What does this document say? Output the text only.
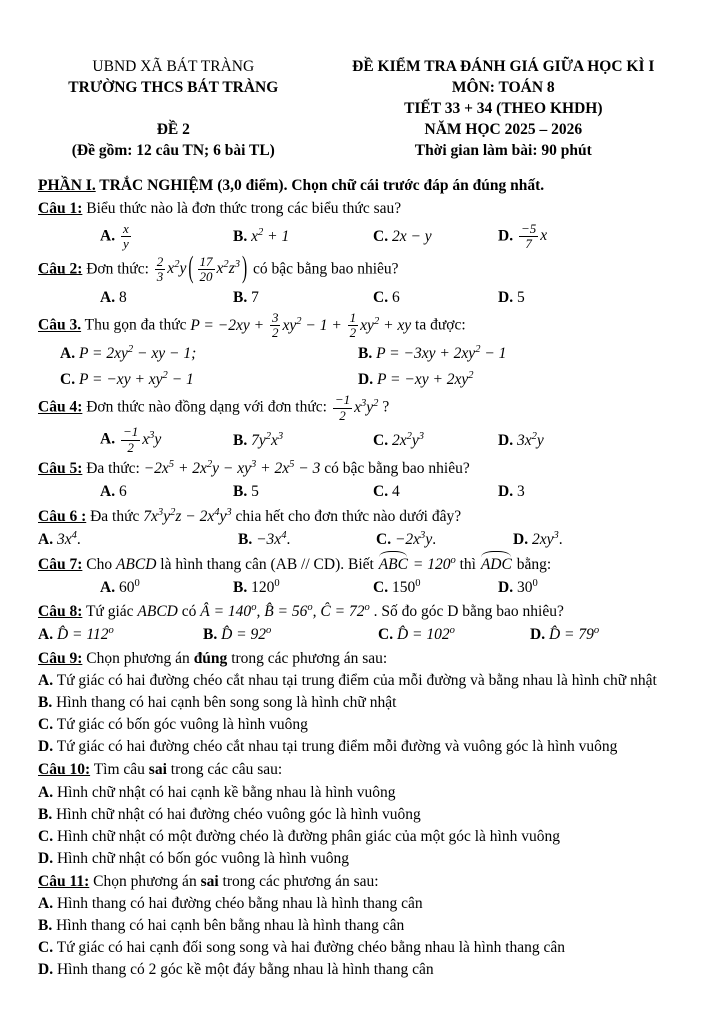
UBND XÃ BÁT TRÀNG
TRƯỜNG THCS BÁT TRÀNG
ĐỀ 2
(Đề gồm: 12 câu TN; 6 bài TL)
ĐỀ KIỂM TRA ĐÁNH GIÁ GIỮA HỌC KÌ I
MÔN: TOÁN 8
TIẾT 33 + 34 (THEO KHDH)
NĂM HỌC 2025 – 2026
Thời gian làm bài: 90 phút
PHẦN I. TRẮC NGHIỆM (3,0 điểm). Chọn chữ cái trước đáp án đúng nhất.
Câu 1: Biểu thức nào là đơn thức trong các biểu thức sau?
A. $\frac{x}{y}$	B. $x^2 + 1$	C. 2x − y	D. $\frac{-5}{7}$ x
Câu 2: Đơn thức: $\frac{2}{3} x^2y$ ( $\frac{17}{20} x^2z^3$ ) có bậc bằng bao nhiêu?
A. 8	B. 7	C. 6	D. 5
Câu 3. Thu gọn đa thức $P = -2xy + \frac{3}{2} xy^2 - 1 + \frac{1}{2} xy^2$ + xy ta được:
A. $P = 2xy^2$ − xy − 1;	B. $P = -3xy + 2xy^2 - 1$
C. $P = -xy + xy^2 - 1$	D. $P = -xy + 2xy^2$
Câu 4: Đơn thức nào đồng dạng với đơn thức: $\frac{-1}{2} x^3y^2$ ?
A. $\frac{-1}{2} x^3y$	B. $7y^2x^3$	C. $2x^2y^3$	D. $3x^2y$
Câu 5: Đa thức: $-2x^5 + 2x^2y - xy^3 + 2x^5 - 3$ có bậc bằng bao nhiêu?
A. 6	B. 5	C. 4	D. 3
Câu 6 : Đa thức $7x^3y^2z - 2x^4y^3$ chia hết cho đơn thức nào dưới đây?
A. $3x^4$.	B. $-3x^4$.	C. $-2x^3y$.	D. $2xy^3$.
Câu 7: Cho ABCD là hình thang cân (AB // CD). Biết ABC = $120^o$ thì ADC bằng:
A. $60^0$	B. $120^0$	C. $150^0$	D. $30^0$
Câu 8: Tứ giác ABCD có Â = $140^o$, B̂ = $56^o$, Ĉ = $72^o$ . Số đo góc D bằng bao nhiêu?
A. D̂ = $112^o$	B. D̂ = $92^o$	C. D̂ = $102^o$	D. D̂ = $79^o$
Câu 9: Chọn phương án đúng trong các phương án sau:
A. Tứ giác có hai đường chéo cắt nhau tại trung điểm của mỗi đường và bằng nhau là hình chữ nhật
B. Hình thang có hai cạnh bên song song là hình chữ nhật
C. Tứ giác có bốn góc vuông là hình vuông
D. Tứ giác có hai đường chéo cắt nhau tại trung điểm mỗi đường và vuông góc là hình vuông
Câu 10: Tìm câu sai trong các câu sau:
A. Hình chữ nhật có hai cạnh kề bằng nhau là hình vuông
B. Hình chữ nhật có hai đường chéo vuông góc là hình vuông
C. Hình chữ nhật có một đường chéo là đường phân giác của một góc là hình vuông
D. Hình chữ nhật có bốn góc vuông là hình vuông
Câu 11: Chọn phương án sai trong các phương án sau:
A. Hình thang có hai đường chéo bằng nhau là hình thang cân
B. Hình thang có hai cạnh bên bằng nhau là hình thang cân
C. Tứ giác có hai cạnh đối song song và hai đường chéo bằng nhau là hình thang cân
D. Hình thang có 2 góc kề một đáy bằng nhau là hình thang cân
